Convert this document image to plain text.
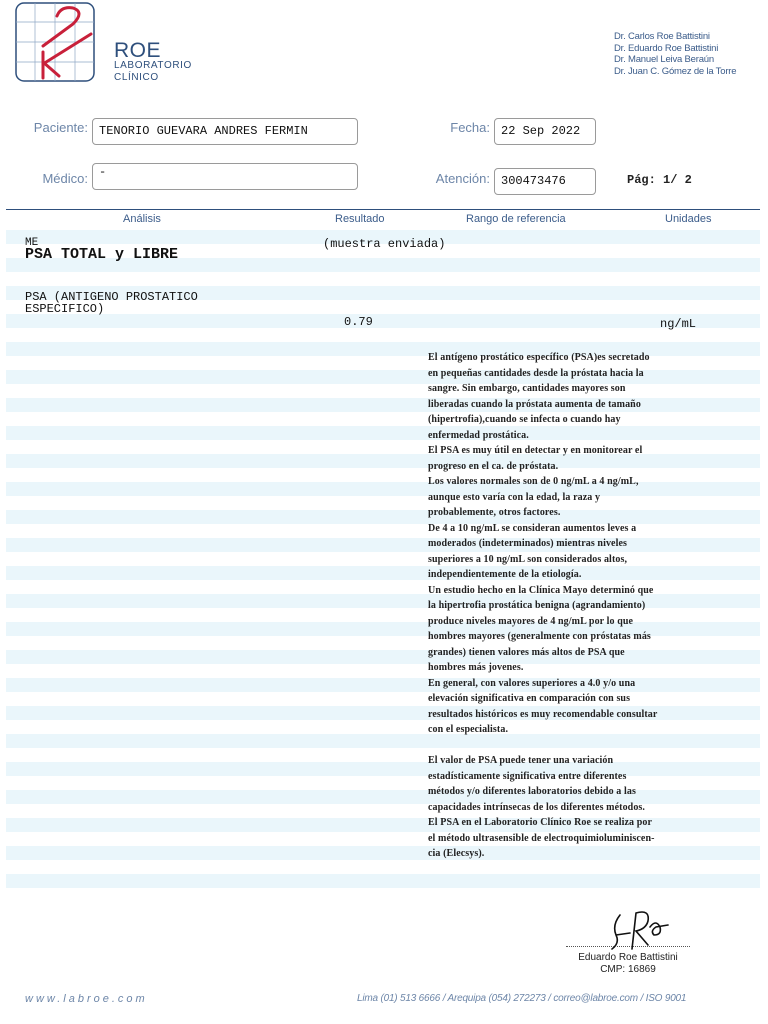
ROE
LABORATORIO
CLÍNICO
Dr. Carlos Roe Battistini
Dr. Eduardo Roe Battistini
Dr. Manuel Leiva Beraún
Dr. Juan C. Gómez de la Torre
Paciente: TENORIO GUEVARA ANDRES FERMIN	Fecha: 22 Sep 2022
Médico: -	Atención: 300473476	Pág: 1/ 2
Análisis	Resultado	Rango de referencia	Unidades
ME
PSA TOTAL y LIBRE
(muestra enviada)
PSA (ANTIGENO PROSTATICO
ESPECIFICO)
0.79	ng/mL
El antígeno prostático específico (PSA)es secretado
en pequeñas cantidades desde la próstata hacia la
sangre. Sin embargo, cantidades mayores son
liberadas cuando la próstata aumenta de tamaño
(hipertrofia),cuando se infecta o cuando hay
enfermedad prostática.
El PSA es muy útil en detectar y en monitorear el
progreso en el ca. de próstata.
Los valores normales son de 0 ng/mL a 4 ng/mL,
aunque esto varía con la edad, la raza y
probablemente, otros factores.
De 4 a 10 ng/mL se consideran aumentos leves a
moderados (indeterminados) mientras niveles
superiores a 10 ng/mL son considerados altos,
independientemente de la etiología.
Un estudio hecho en la Clínica Mayo determinó que
la hipertrofia prostática benigna (agrandamiento)
produce niveles mayores de 4 ng/mL por lo que
hombres mayores (generalmente con próstatas más
grandes) tienen valores más altos de PSA que
hombres más jovenes.
En general, con valores superiores a 4.0 y/o una
elevación significativa en comparación con sus
resultados históricos es muy recomendable consultar
con el especialista.
El valor de PSA puede tener una variación
estadísticamente significativa entre diferentes
métodos y/o diferentes laboratorios debido a las
capacidades intrínsecas de los diferentes métodos.
El PSA en el Laboratorio Clínico Roe se realiza por
el método ultrasensible de electroquimioluminiscen-
cia (Elecsys).
Eduardo Roe Battistini
CMP: 16869
www.labroe.com	Lima (01) 513 6666 / Arequipa (054) 272273 / correo@labroe.com / ISO 9001
